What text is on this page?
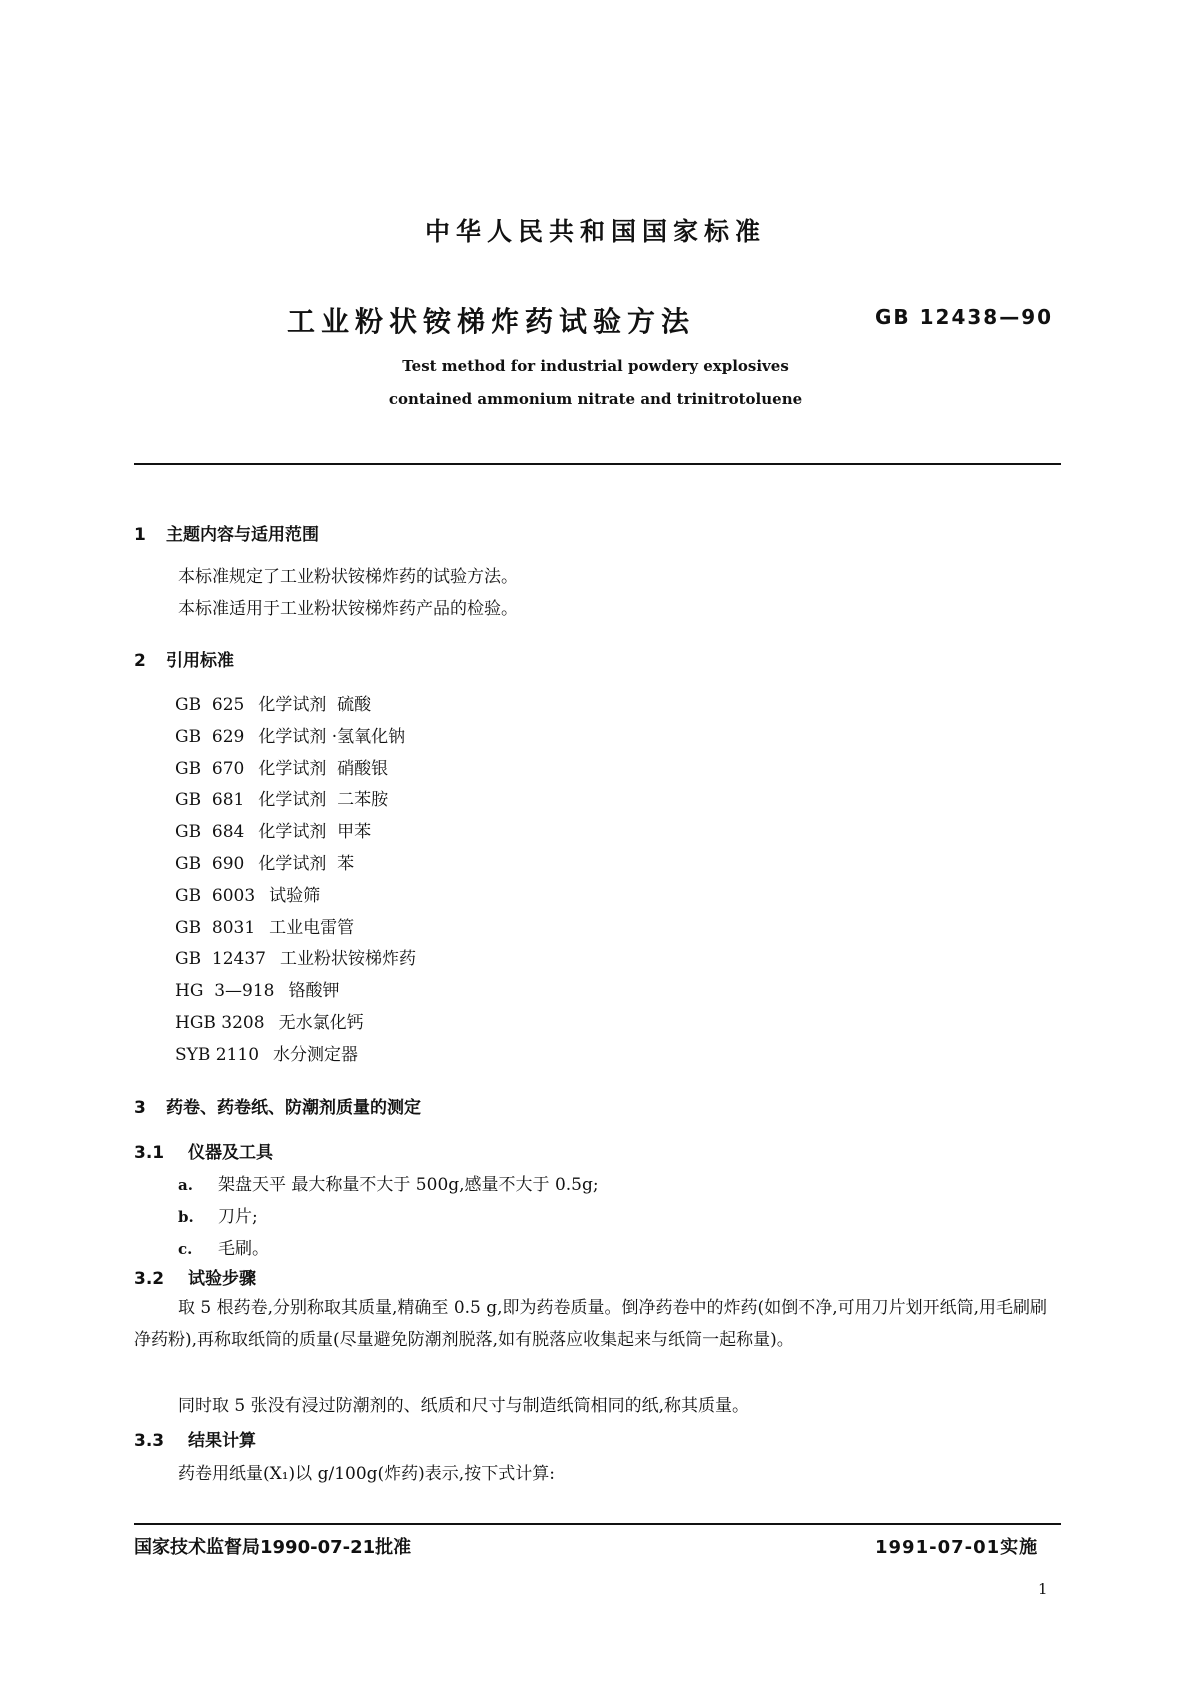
中华人民共和国国家标准
工业粉状铵梯炸药试验方法	GB 12438—90
Test method for industrial powdery explosives
contained ammonium nitrate and trinitrotoluene
1 主题内容与适用范围
本标准规定了工业粉状铵梯炸药的试验方法。
本标准适用于工业粉状铵梯炸药产品的检验。
2 引用标准
GB  625 化学试剂  硫酸
GB  629 化学试剂 ·氢氧化钠
GB  670 化学试剂  硝酸银
GB  681 化学试剂  二苯胺
GB  684 化学试剂  甲苯
GB  690 化学试剂  苯
GB  6003 试验筛
GB  8031 工业电雷管
GB  12437 工业粉状铵梯炸药
HG  3—918 铬酸钾
HGB 3208 无水氯化钙
SYB 2110 水分测定器
3 药卷、药卷纸、防潮剂质量的测定
3.1 仪器及工具
a. 架盘天平 最大称量不大于 500g,感量不大于 0.5g;
b. 刀片;
c. 毛刷。
3.2 试验步骤
取 5 根药卷,分别称取其质量,精确至 0.5 g,即为药卷质量。倒净药卷中的炸药(如倒不净,可用刀片划开纸筒,用毛刷刷净药粉),再称取纸筒的质量(尽量避免防潮剂脱落,如有脱落应收集起来与纸筒一起称量)。
同时取 5 张没有浸过防潮剂的、纸质和尺寸与制造纸筒相同的纸,称其质量。
3.3 结果计算
药卷用纸量(X₁)以 g/100g(炸药)表示,按下式计算:
国家技术监督局1990-07-21批准	1991-07-01实施
1
